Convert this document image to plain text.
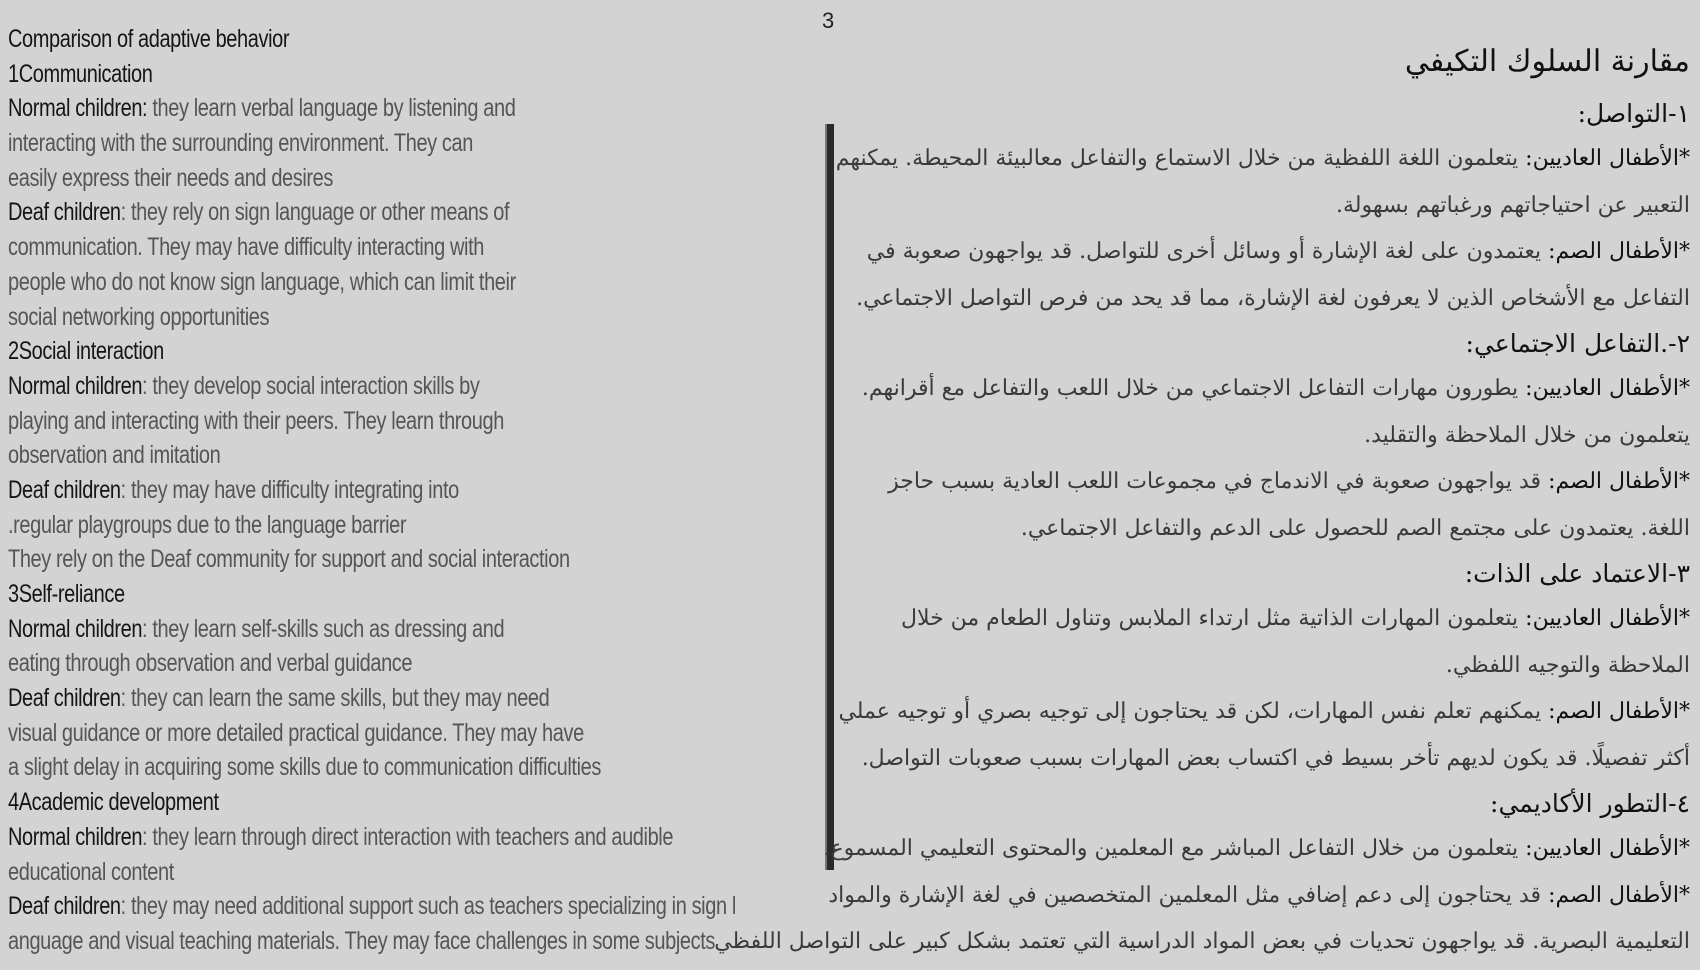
3
Comparison of adaptive behavior
1Communication
Normal children: they learn verbal language by listening and
interacting with the surrounding environment. They can
easily express their needs and desires
Deaf children: they rely on sign language or other means of
communication. They may have difficulty interacting with
people who do not know sign language, which can limit their
social networking opportunities
2Social interaction
Normal children: they develop social interaction skills by
playing and interacting with their peers. They learn through
observation and imitation
Deaf children: they may have difficulty integrating into
.regular playgroups due to the language barrier
They rely on the Deaf community for support and social interaction
3Self-reliance
Normal children: they learn self-skills such as dressing and
eating through observation and verbal guidance
Deaf children: they can learn the same skills, but they may need
visual guidance or more detailed practical guidance. They may have
a slight delay in acquiring some skills due to communication difficulties
4Academic development
Normal children: they learn through direct interaction with teachers and audible
educational content
Deaf children: they may need additional support such as teachers specializing in sign l
anguage and visual teaching materials. They may face challenges in some subjects
مقارنة السلوك التكيفي
١-التواصل:
*الأطفال العاديين: يتعلمون اللغة اللفظية من خلال الاستماع والتفاعل معالبيئة المحيطة. يمكنهم
التعبير عن احتياجاتهم ورغباتهم بسهولة.
*الأطفال الصم: يعتمدون على لغة الإشارة أو وسائل أخرى للتواصل. قد يواجهون صعوبة في
التفاعل مع الأشخاص الذين لا يعرفون لغة الإشارة، مما قد يحد من فرص التواصل الاجتماعي.
٢-.التفاعل الاجتماعي:
*الأطفال العاديين: يطورون مهارات التفاعل الاجتماعي من خلال اللعب والتفاعل مع أقرانهم.
يتعلمون من خلال الملاحظة والتقليد.
*الأطفال الصم: قد يواجهون صعوبة في الاندماج في مجموعات اللعب العادية بسبب حاجز
اللغة. يعتمدون على مجتمع الصم للحصول على الدعم والتفاعل الاجتماعي.
٣-الاعتماد على الذات:
*الأطفال العاديين: يتعلمون المهارات الذاتية مثل ارتداء الملابس وتناول الطعام من خلال
الملاحظة والتوجيه اللفظي.
*الأطفال الصم: يمكنهم تعلم نفس المهارات، لكن قد يحتاجون إلى توجيه بصري أو توجيه عملي
أكثر تفصيلًا. قد يكون لديهم تأخر بسيط في اكتساب بعض المهارات بسبب صعوبات التواصل.
٤-التطور الأكاديمي:
*الأطفال العاديين: يتعلمون من خلال التفاعل المباشر مع المعلمين والمحتوى التعليمي المسموع.
*الأطفال الصم: قد يحتاجون إلى دعم إضافي مثل المعلمين المتخصصين في لغة الإشارة والمواد
التعليمية البصرية. قد يواجهون تحديات في بعض المواد الدراسية التي تعتمد بشكل كبير على التواصل اللفظي
